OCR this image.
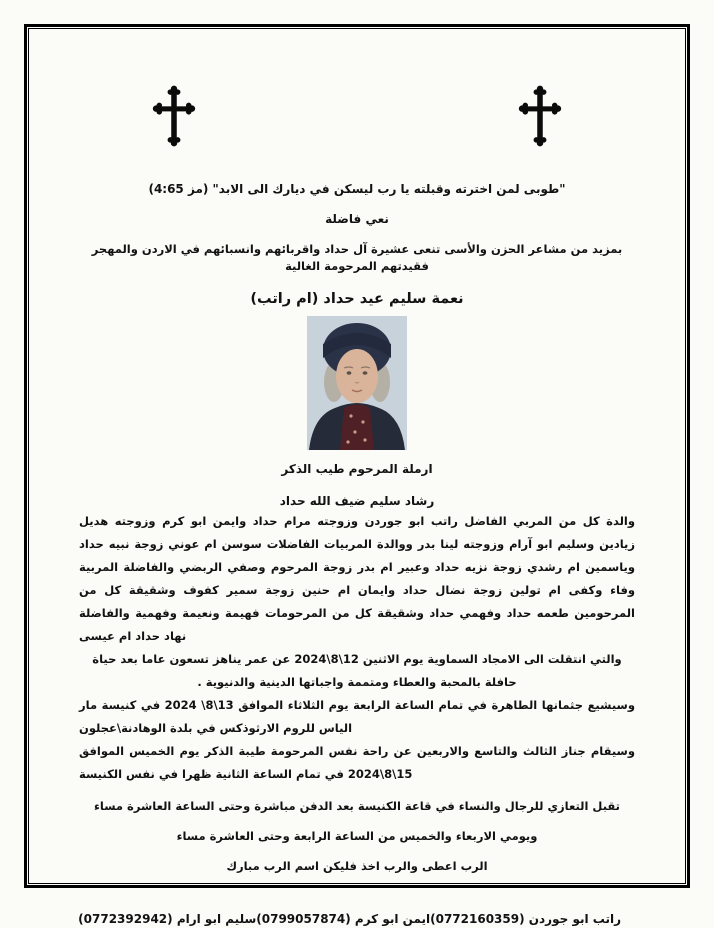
"طوبى لمن اخترته وقبلته يا رب ليسكن في ديارك الى الابد" (مز 4:65)
نعي فاضلة
بمزيد من مشاعر الحزن والأسى تنعى عشيرة آل حداد واقربائهم وانسبائهم في الاردن والمهجر فقيدتهم المرحومة الغالية
نعمة سليم عيد حداد (ام راتب)
ارملة المرحوم طيب الذكر
رشاد سليم ضيف الله حداد

والدة كل من المربي الفاضل راتب ابو جوردن وزوجته مرام حداد وايمن ابو كرم وزوجته هديل زيادين وسليم ابو آرام وزوجته لينا بدر ووالدة المربيات الفاضلات سوسن ام عوني زوجة نبيه حداد وياسمين ام رشدي زوجة نزيه حداد وعبير ام بدر زوجة المرحوم وصفي الربضي والفاضلة المربية وفاء وكفى ام تولين زوجة نضال حداد وايمان ام حنين زوجة سمير كفوف وشقيقة كل من المرحومين طعمه حداد وفهمي حداد وشقيقة كل من المرحومات فهيمة ونعيمة وفهمية والفاضلة نهاد حداد ام عيسى

والتي انتقلت الى الامجاد السماوية يوم الاثنين 12\8\2024 عن عمر يناهز تسعون عاما بعد حياة حافلة بالمحبة والعطاء ومتممة واجباتها الدينية والدنيوية .

وسيشيع جثمانها الطاهرة في تمام الساعة الرابعة يوم الثلاثاء الموافق 13\8\ 2024 في كنيسة مار الياس للروم الارثوذكس في بلدة الوهادنة\عجلون

وسيقام جناز الثالث والتاسع والاربعين عن راحة نفس المرحومة طيبة الذكر يوم الخميس الموافق 15\8\2024 في تمام الساعة الثانية ظهرا في نفس الكنيسة

تقبل التعازي للرجال والنساء في قاعة الكنيسة بعد الدفن مباشرة وحتى الساعة العاشرة مساء
ويومي الاربعاء والخميس من الساعة الرابعة وحتى العاشرة مساء
الرب اعطى والرب اخذ فليكن اسم الرب مبارك
راتب ابو جوردن (0772160359)
ايمن ابو كرم (0799057874)
سليم ابو ارام (0772392942)
